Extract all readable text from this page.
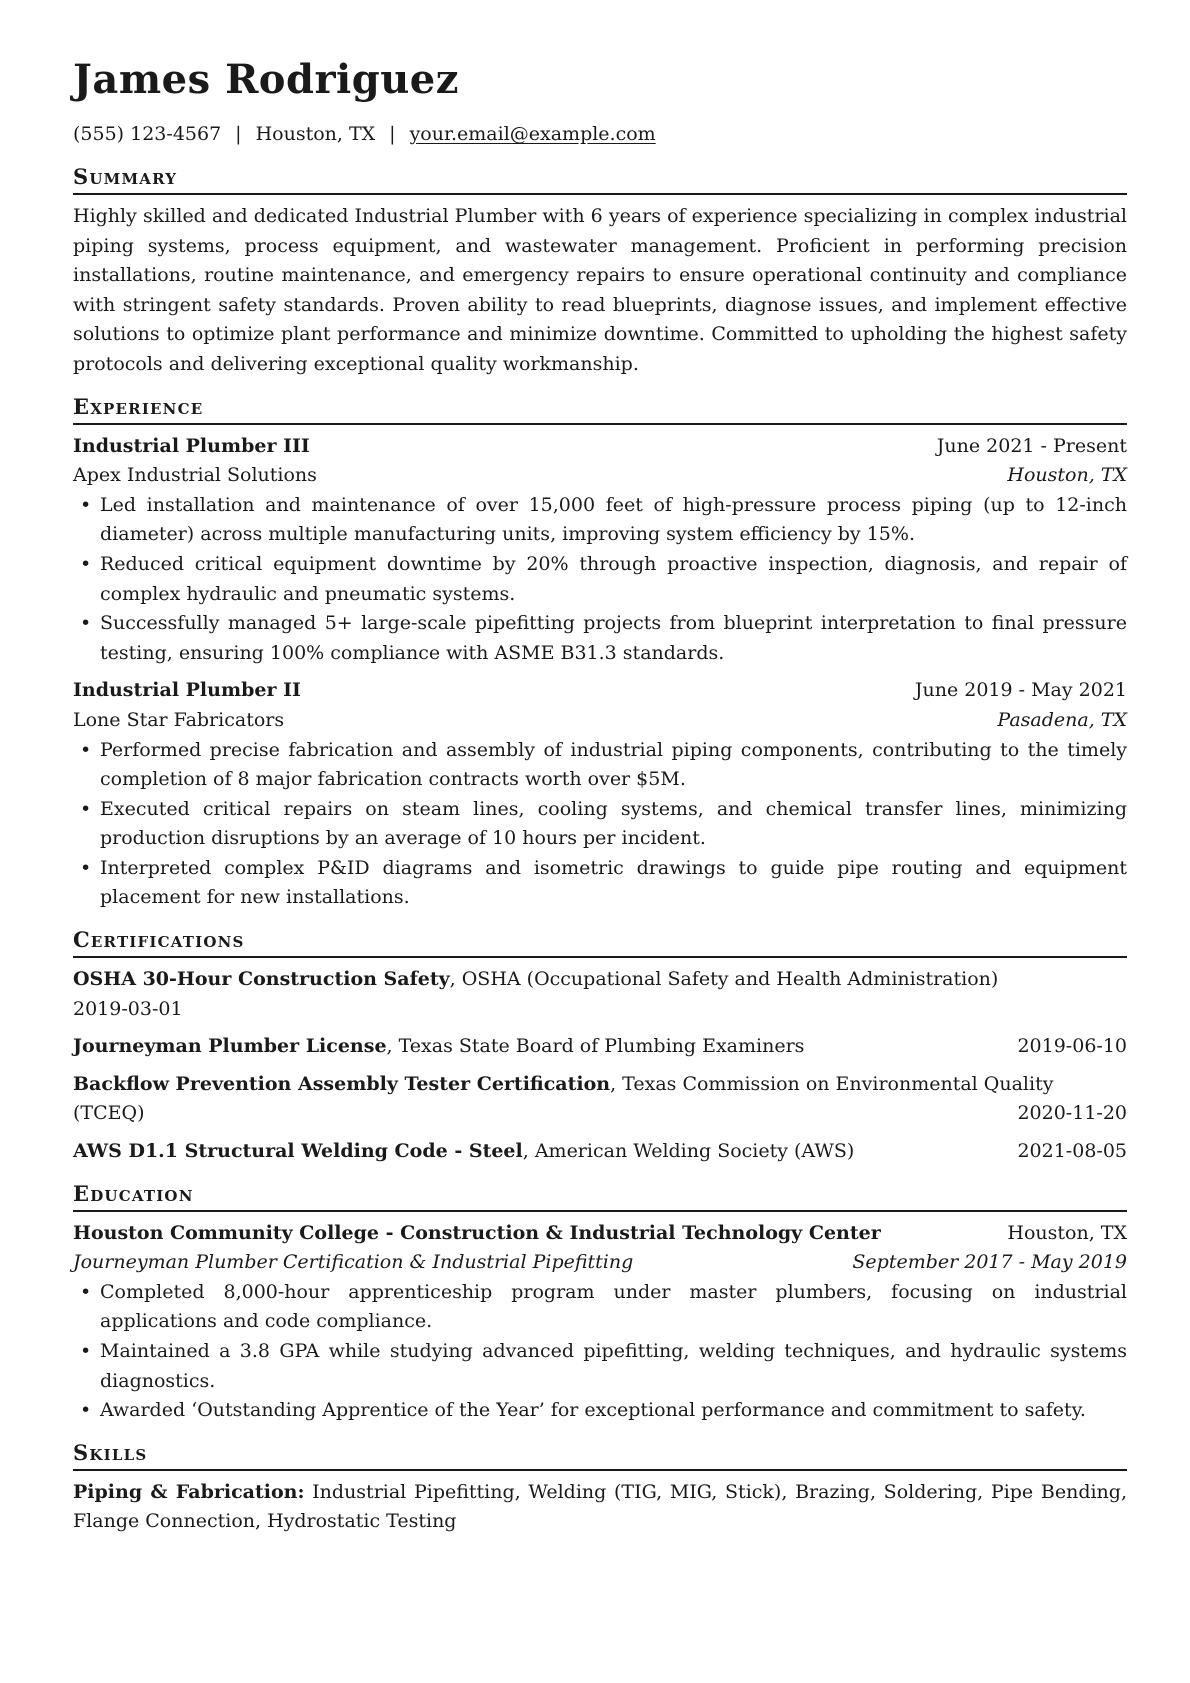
James Rodriguez
(555) 123-4567 | Houston, TX | your.email@example.com
Summary
Highly skilled and dedicated Industrial Plumber with 6 years of experience specializing in complex industrial piping systems, process equipment, and wastewater management. Proficient in performing precision installations, routine maintenance, and emergency repairs to ensure operational continuity and compliance with stringent safety standards. Proven ability to read blueprints, diagnose issues, and implement effective solutions to optimize plant performance and minimize downtime. Committed to upholding the highest safety protocols and delivering exceptional quality workmanship.
Experience
Industrial Plumber III	June 2021 - Present
Apex Industrial Solutions	Houston, TX
• Led installation and maintenance of over 15,000 feet of high-pressure process piping (up to 12-inch diameter) across multiple manufacturing units, improving system efficiency by 15%.
• Reduced critical equipment downtime by 20% through proactive inspection, diagnosis, and repair of complex hydraulic and pneumatic systems.
• Successfully managed 5+ large-scale pipefitting projects from blueprint interpretation to final pressure testing, ensuring 100% compliance with ASME B31.3 standards.
Industrial Plumber II	June 2019 - May 2021
Lone Star Fabricators	Pasadena, TX
• Performed precise fabrication and assembly of industrial piping components, contributing to the timely completion of 8 major fabrication contracts worth over $5M.
• Executed critical repairs on steam lines, cooling systems, and chemical transfer lines, minimizing production disruptions by an average of 10 hours per incident.
• Interpreted complex P&ID diagrams and isometric drawings to guide pipe routing and equipment placement for new installations.
Certifications
OSHA 30-Hour Construction Safety, OSHA (Occupational Safety and Health Administration)
2019-03-01
Journeyman Plumber License, Texas State Board of Plumbing Examiners	2019-06-10
Backflow Prevention Assembly Tester Certification, Texas Commission on Environmental Quality
(TCEQ)	2020-11-20
AWS D1.1 Structural Welding Code - Steel, American Welding Society (AWS)	2021-08-05
Education
Houston Community College - Construction & Industrial Technology Center	Houston, TX
Journeyman Plumber Certification & Industrial Pipefitting	September 2017 - May 2019
• Completed 8,000-hour apprenticeship program under master plumbers, focusing on industrial applications and code compliance.
• Maintained a 3.8 GPA while studying advanced pipefitting, welding techniques, and hydraulic systems diagnostics.
• Awarded ‘Outstanding Apprentice of the Year’ for exceptional performance and commitment to safety.
Skills
Piping & Fabrication: Industrial Pipefitting, Welding (TIG, MIG, Stick), Brazing, Soldering, Pipe Bending, Flange Connection, Hydrostatic Testing
